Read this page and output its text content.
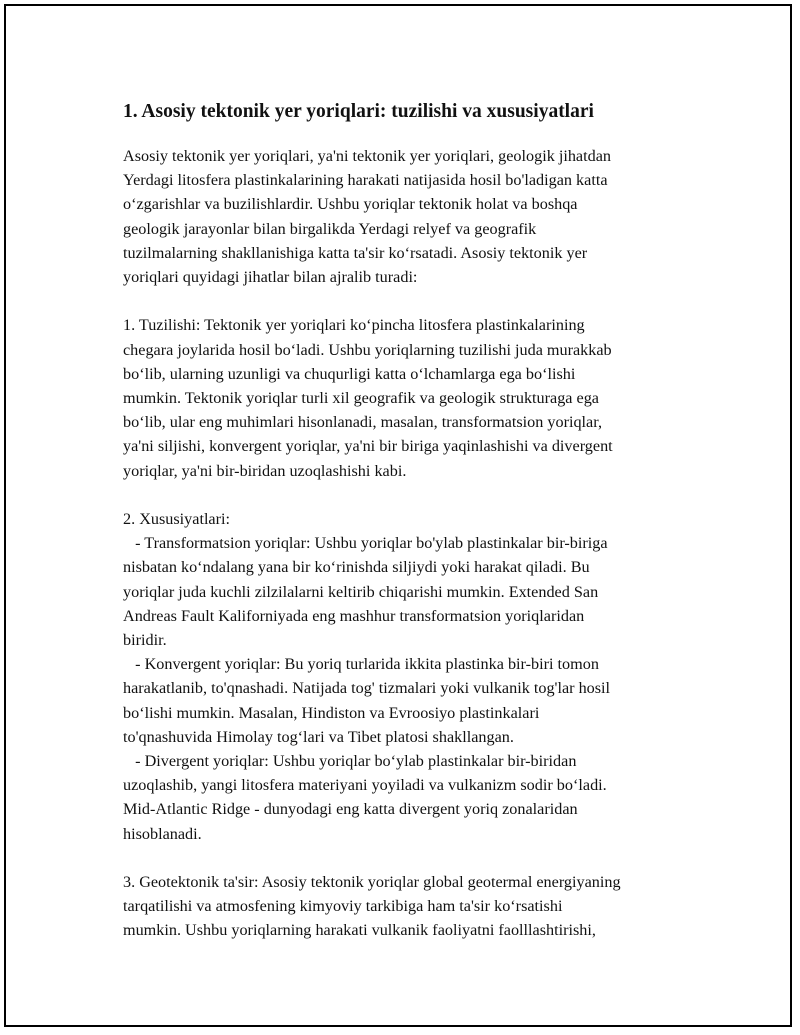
1. Asosiy tektonik yer yoriqlari: tuzilishi va xususiyatlari
Asosiy tektonik yer yoriqlari, ya'ni tektonik yer yoriqlari, geologik jihatdan
Yerdagi litosfera plastinkalarining harakati natijasida hosil bo'ladigan katta
o‘zgarishlar va buzilishlardir. Ushbu yoriqlar tektonik holat va boshqa
geologik jarayonlar bilan birgalikda Yerdagi relyef va geografik
tuzilmalarning shakllanishiga katta ta'sir ko‘rsatadi. Asosiy tektonik yer
yoriqlari quyidagi jihatlar bilan ajralib turadi:
1. Tuzilishi: Tektonik yer yoriqlari ko‘pincha litosfera plastinkalarining
chegara joylarida hosil bo‘ladi. Ushbu yoriqlarning tuzilishi juda murakkab
bo‘lib, ularning uzunligi va chuqurligi katta o‘lchamlarga ega bo‘lishi
mumkin. Tektonik yoriqlar turli xil geografik va geologik strukturaga ega
bo‘lib, ular eng muhimlari hisonlanadi, masalan, transformatsion yoriqlar,
ya'ni siljishi, konvergent yoriqlar, ya'ni bir biriga yaqinlashishi va divergent
yoriqlar, ya'ni bir-biridan uzoqlashishi kabi.
2. Xususiyatlari:
- Transformatsion yoriqlar: Ushbu yoriqlar bo'ylab plastinkalar bir-biriga
nisbatan ko‘ndalang yana bir ko‘rinishda siljiydi yoki harakat qiladi. Bu
yoriqlar juda kuchli zilzilalarni keltirib chiqarishi mumkin. Extended San
Andreas Fault Kaliforniyada eng mashhur transformatsion yoriqlaridan
biridir.
- Konvergent yoriqlar: Bu yoriq turlarida ikkita plastinka bir-biri tomon
harakatlanib, to'qnashadi. Natijada tog' tizmalari yoki vulkanik tog'lar hosil
bo‘lishi mumkin. Masalan, Hindiston va Evroosiyo plastinkalari
to'qnashuvida Himolay tog‘lari va Tibet platosi shakllangan.
- Divergent yoriqlar: Ushbu yoriqlar bo‘ylab plastinkalar bir-biridan
uzoqlashib, yangi litosfera materiyani yoyiladi va vulkanizm sodir bo‘ladi.
Mid-Atlantic Ridge - dunyodagi eng katta divergent yoriq zonalaridan
hisoblanadi.
3. Geotektonik ta'sir: Asosiy tektonik yoriqlar global geotermal energiyaning
tarqatilishi va atmosfening kimyoviy tarkibiga ham ta'sir ko‘rsatishi
mumkin. Ushbu yoriqlarning harakati vulkanik faoliyatni faolllashtirishi,
